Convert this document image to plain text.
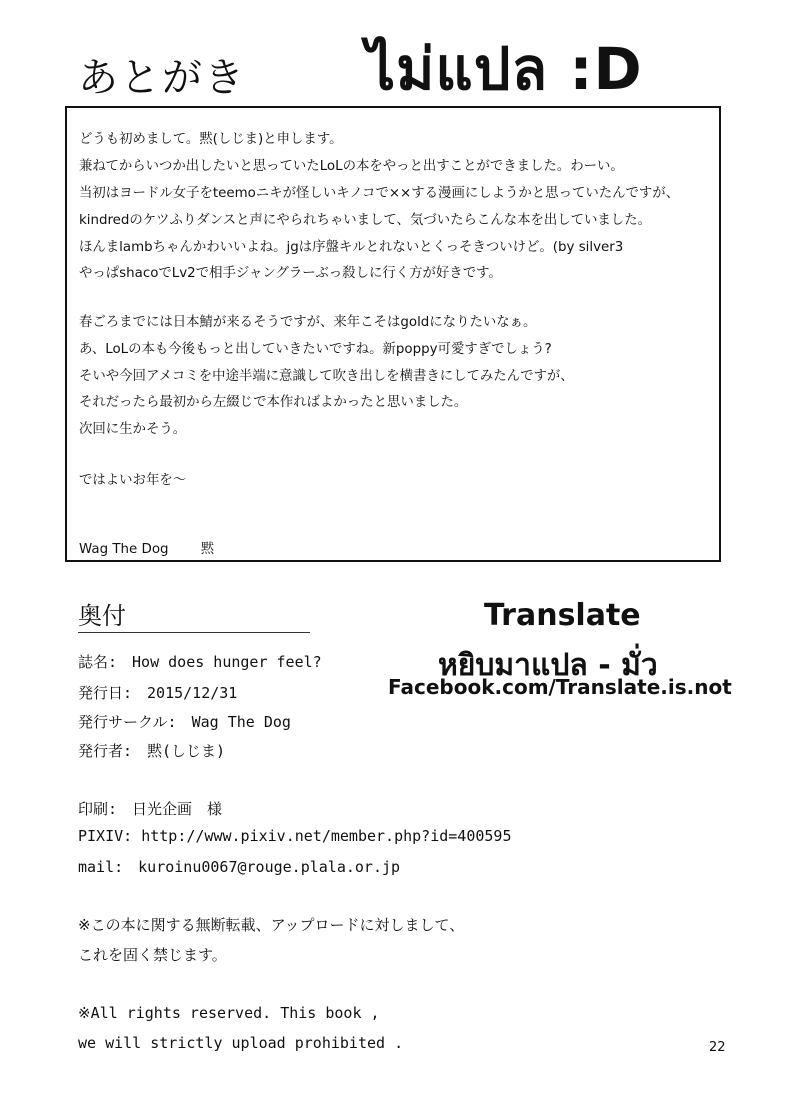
あとがき ไม่แปล :D
どうも初めまして。黙(しじま)と申します。
兼ねてからいつか出したいと思っていたLoLの本をやっと出すことができました。わーい。
当初はヨードル女子をteemoニキが怪しいキノコで××する漫画にしようかと思っていたんですが、
kindredのケツふりダンスと声にやられちゃいまして、気づいたらこんな本を出していました。
ほんまlambちゃんかわいいよね。jgは序盤キルとれないとくっそきついけど。(by silver3
やっぱshacoでLv2で相手ジャングラーぶっ殺しに行く方が好きです。
春ごろまでには日本鯖が来るそうですが、来年こそはgoldになりたいなぁ。
あ、LoLの本も今後もっと出していきたいですね。新poppy可愛すぎでしょう?
そいや今回アメコミを中途半端に意識して吹き出しを横書きにしてみたんですが、
それだったら最初から左綴じで本作ればよかったと思いました。
次回に生かそう。
ではよいお年を～
Wag The Dog 黙
奥付
誌名:　How does hunger feel?
発行日:　2015/12/31
発行サークル:　Wag The Dog
発行者:　黙(しじま)
印刷:　日光企画　様
PIXIV: http://www.pixiv.net/member.php?id=400595
mail:　kuroinu0067@rouge.plala.or.jp
※この本に関する無断転載、アップロードに対しまして、
これを固く禁じます。
※All rights reserved. This book ,
we will strictly upload prohibited .
Translate
หยิบมาแปล - มั่ว
Facebook.com/Translate.is.not
22
